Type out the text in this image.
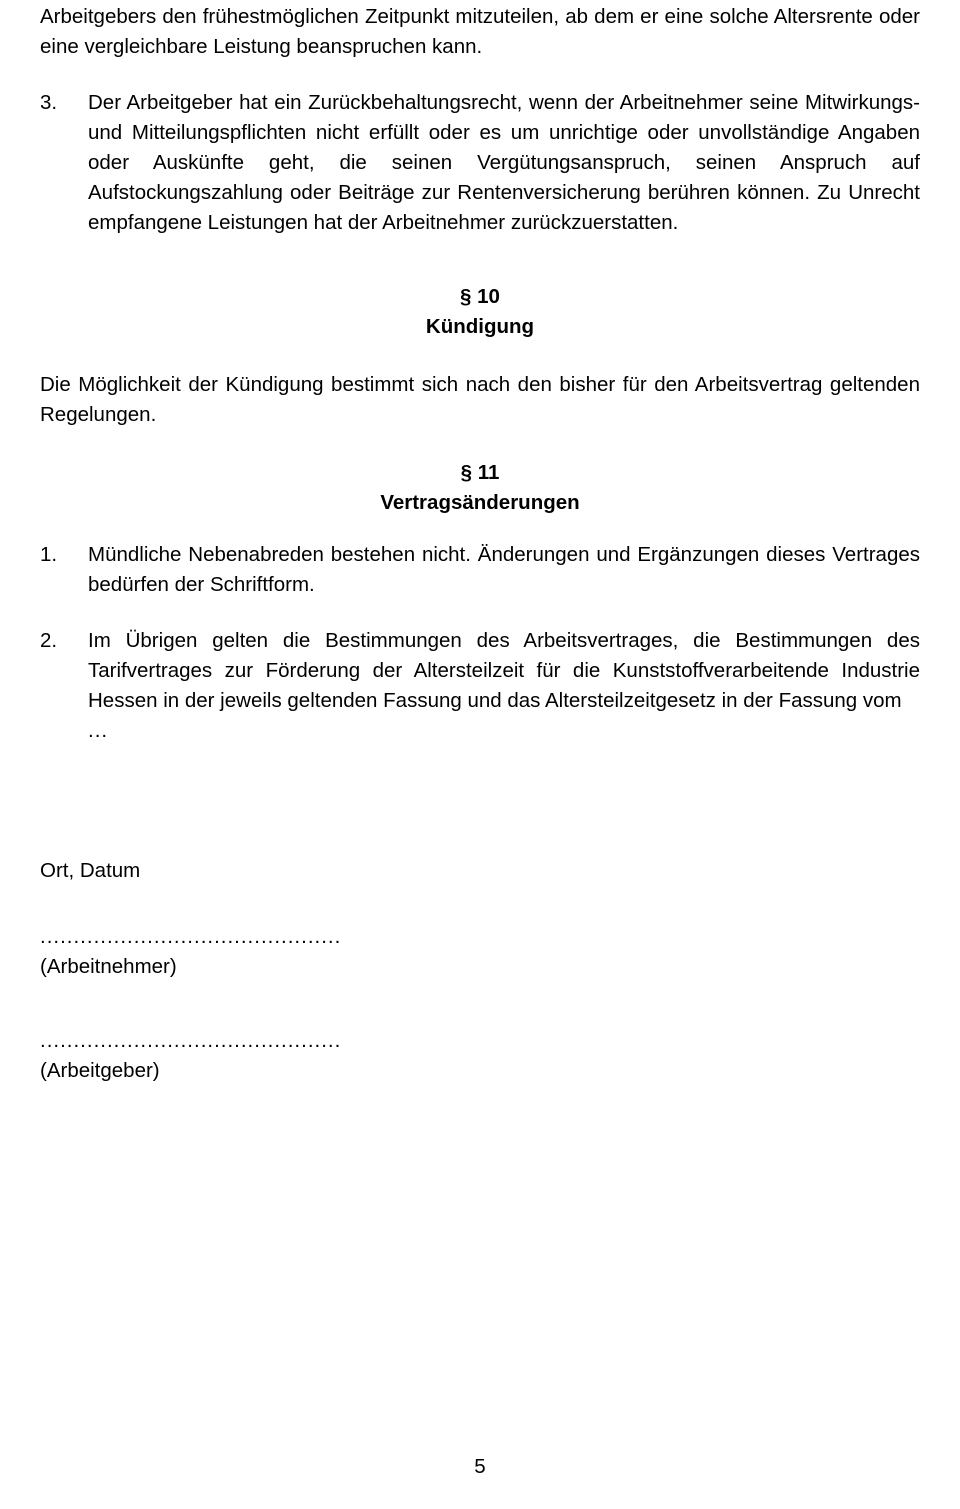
Arbeitgebers den frühestmöglichen Zeitpunkt mitzuteilen, ab dem er eine solche Altersrente oder eine vergleichbare Leistung beanspruchen kann.
3.	Der Arbeitgeber hat ein Zurückbehaltungsrecht, wenn der Arbeitnehmer seine Mitwirkungs- und Mitteilungspflichten nicht erfüllt oder es um unrichtige oder unvollständige Angaben oder Auskünfte geht, die seinen Vergütungsanspruch, seinen Anspruch auf Aufstockungszahlung oder Beiträge zur Rentenversicherung berühren können. Zu Unrecht empfangene Leistungen hat der Arbeitnehmer zurückzuerstatten.
§ 10
Kündigung
Die Möglichkeit der Kündigung bestimmt sich nach den bisher für den Arbeitsvertrag geltenden Regelungen.
§ 11
Vertragsänderungen
1.	Mündliche Nebenabreden bestehen nicht. Änderungen und Ergänzungen dieses Vertrages bedürfen der Schriftform.
2.	Im Übrigen gelten die Bestimmungen des Arbeitsvertrages, die Bestimmungen des Tarifvertrages zur Förderung der Altersteilzeit für die Kunststoffverarbeitende Industrie Hessen in der jeweils geltenden Fassung und das Altersteilzeitgesetz in der Fassung vom
...
Ort, Datum
.............................................
(Arbeitnehmer)
.............................................
(Arbeitgeber)
5
